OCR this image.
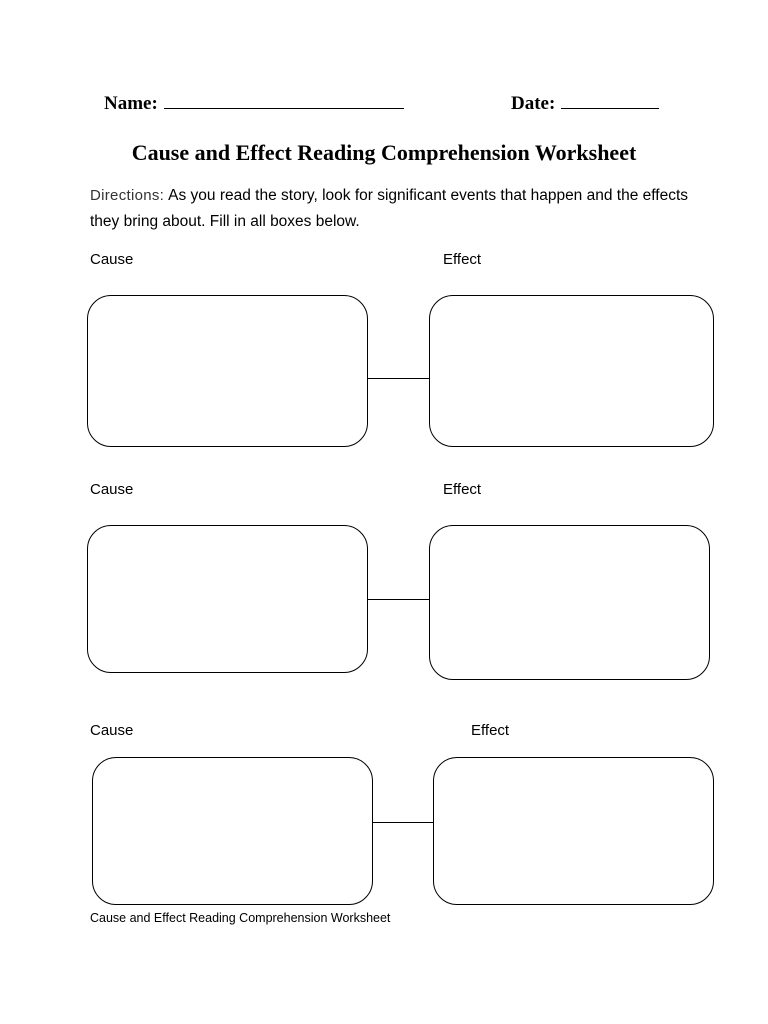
Name:	Date:
Cause and Effect Reading Comprehension Worksheet
Directions: As you read the story, look for significant events that happen and the effects they bring about. Fill in all boxes below.
Cause	Effect
Cause	Effect
Cause	Effect
Cause and Effect Reading Comprehension Worksheet
